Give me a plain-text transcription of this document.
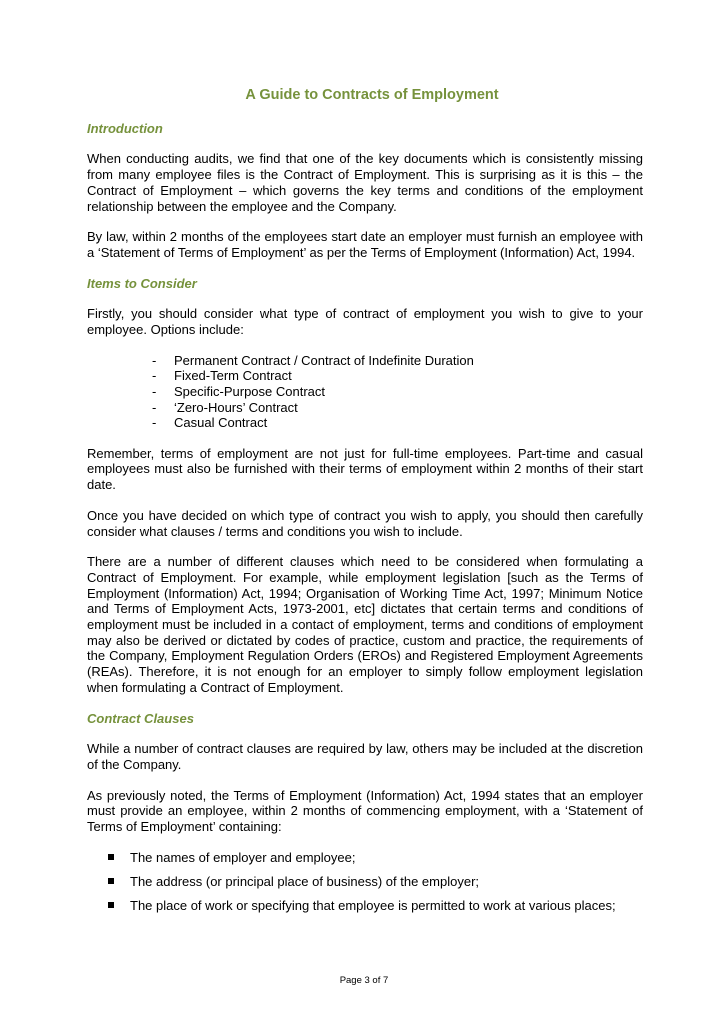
A Guide to Contracts of Employment
Introduction

When conducting audits, we find that one of the key documents which is consistently missing from many employee files is the Contract of Employment. This is surprising as it is this – the Contract of Employment – which governs the key terms and conditions of the employment relationship between the employee and the Company.

By law, within 2 months of the employees start date an employer must furnish an employee with a ‘Statement of Terms of Employment’ as per the Terms of Employment (Information) Act, 1994.

Items to Consider

Firstly, you should consider what type of contract of employment you wish to give to your employee. Options include:

- Permanent Contract / Contract of Indefinite Duration
- Fixed-Term Contract
- Specific-Purpose Contract
- ‘Zero-Hours’ Contract
- Casual Contract

Remember, terms of employment are not just for full-time employees. Part-time and casual employees must also be furnished with their terms of employment within 2 months of their start date.

Once you have decided on which type of contract you wish to apply, you should then carefully consider what clauses / terms and conditions you wish to include.

There are a number of different clauses which need to be considered when formulating a Contract of Employment. For example, while employment legislation [such as the Terms of Employment (Information) Act, 1994; Organisation of Working Time Act, 1997; Minimum Notice and Terms of Employment Acts, 1973-2001, etc] dictates that certain terms and conditions of employment must be included in a contact of employment, terms and conditions of employment may also be derived or dictated by codes of practice, custom and practice, the requirements of the Company, Employment Regulation Orders (EROs) and Registered Employment Agreements (REAs). Therefore, it is not enough for an employer to simply follow employment legislation when formulating a Contract of Employment.

Contract Clauses

While a number of contract clauses are required by law, others may be included at the discretion of the Company.

As previously noted, the Terms of Employment (Information) Act, 1994 states that an employer must provide an employee, within 2 months of commencing employment, with a ‘Statement of Terms of Employment’ containing:

The names of employer and employee;
The address (or principal place of business) of the employer;
The place of work or specifying that employee is permitted to work at various places;
Page 3 of 7
